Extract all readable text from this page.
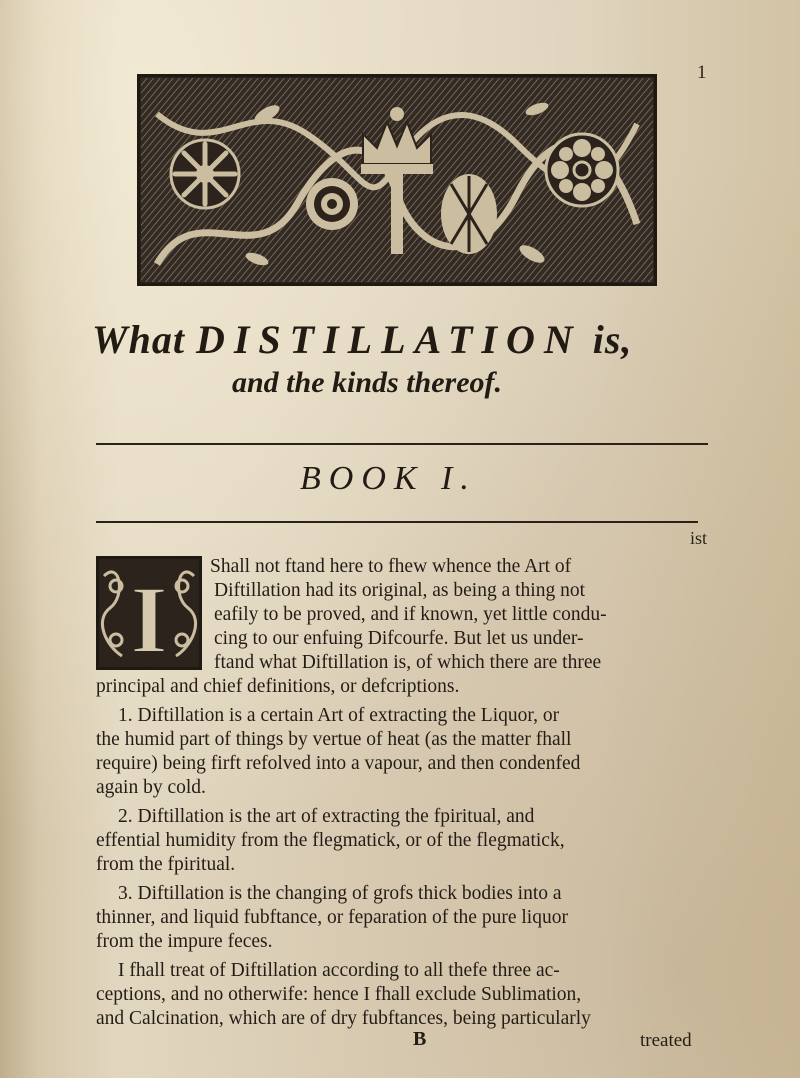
1
What DISTILLATION is,
and the kinds thereof.
BOOK I.
ist
I Shall not ftand here to fhew whence the Art of
Diftillation had its original, as being a thing not
eafily to be proved, and if known, yet little condu-
cing to our enfuing Difcourfe. But let us under-
ftand what Diftillation is, of which there are three
principal and chief definitions, or defcriptions.
1. Diftillation is a certain Art of extracting the Liquor, or
the humid part of things by vertue of heat (as the matter fhall
require) being firft refolved into a vapour, and then condenfed
again by cold.
2. Diftillation is the art of extracting the fpiritual, and
effential humidity from the flegmatick, or of the flegmatick,
from the fpiritual.
3. Diftillation is the changing of grofs thick bodies into a
thinner, and liquid fubftance, or feparation of the pure liquor
from the impure feces.
I fhall treat of Diftillation according to all thefe three ac-
ceptions, and no otherwife: hence I fhall exclude Sublimation,
and Calcination, which are of dry fubftances, being particularly
B	treated
